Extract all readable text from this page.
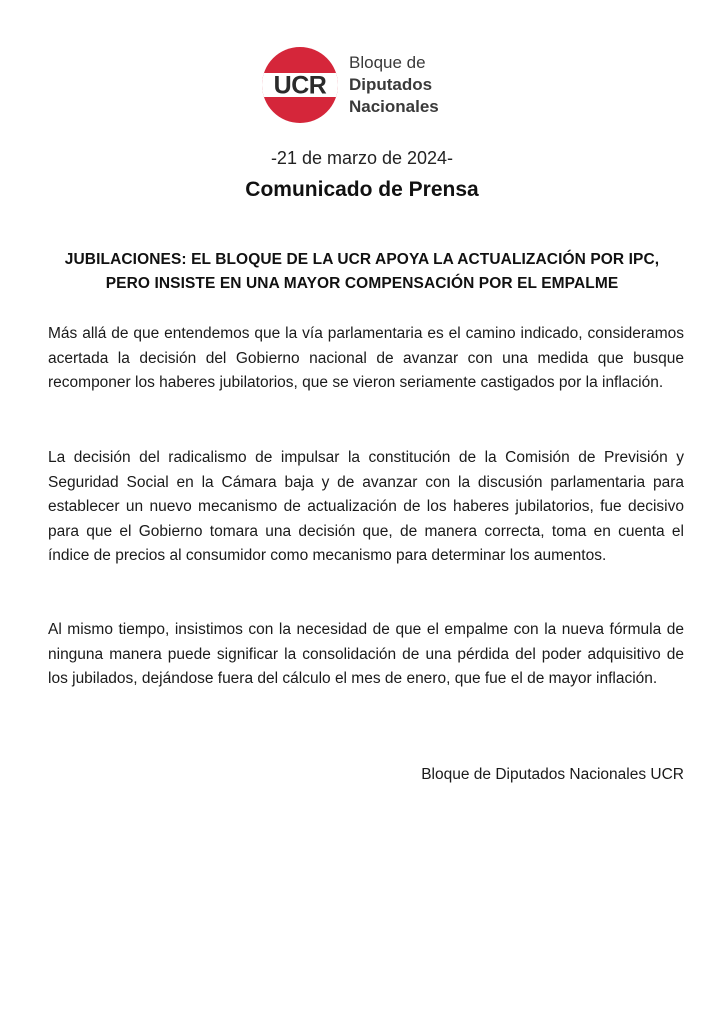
UCR
Bloque de
Diputados
Nacionales
-21 de marzo de 2024-
Comunicado de Prensa
JUBILACIONES: EL BLOQUE DE LA UCR APOYA LA ACTUALIZACIÓN POR IPC,
PERO INSISTE EN UNA MAYOR COMPENSACIÓN POR EL EMPALME

Más allá de que entendemos que la vía parlamentaria es el camino indicado, consideramos acertada la decisión del Gobierno nacional de avanzar con una medida que busque recomponer los haberes jubilatorios, que se vieron seriamente castigados por la inflación.

La decisión del radicalismo de impulsar la constitución de la Comisión de Previsión y Seguridad Social en la Cámara baja y de avanzar con la discusión parlamentaria para establecer un nuevo mecanismo de actualización de los haberes jubilatorios, fue decisivo para que el Gobierno tomara una decisión que, de manera correcta, toma en cuenta el índice de precios al consumidor como mecanismo para determinar los aumentos.

Al mismo tiempo, insistimos con la necesidad de que el empalme con la nueva fórmula de ninguna manera puede significar la consolidación de una pérdida del poder adquisitivo de los jubilados, dejándose fuera del cálculo el mes de enero, que fue el de mayor inflación.

Bloque de Diputados Nacionales UCR
